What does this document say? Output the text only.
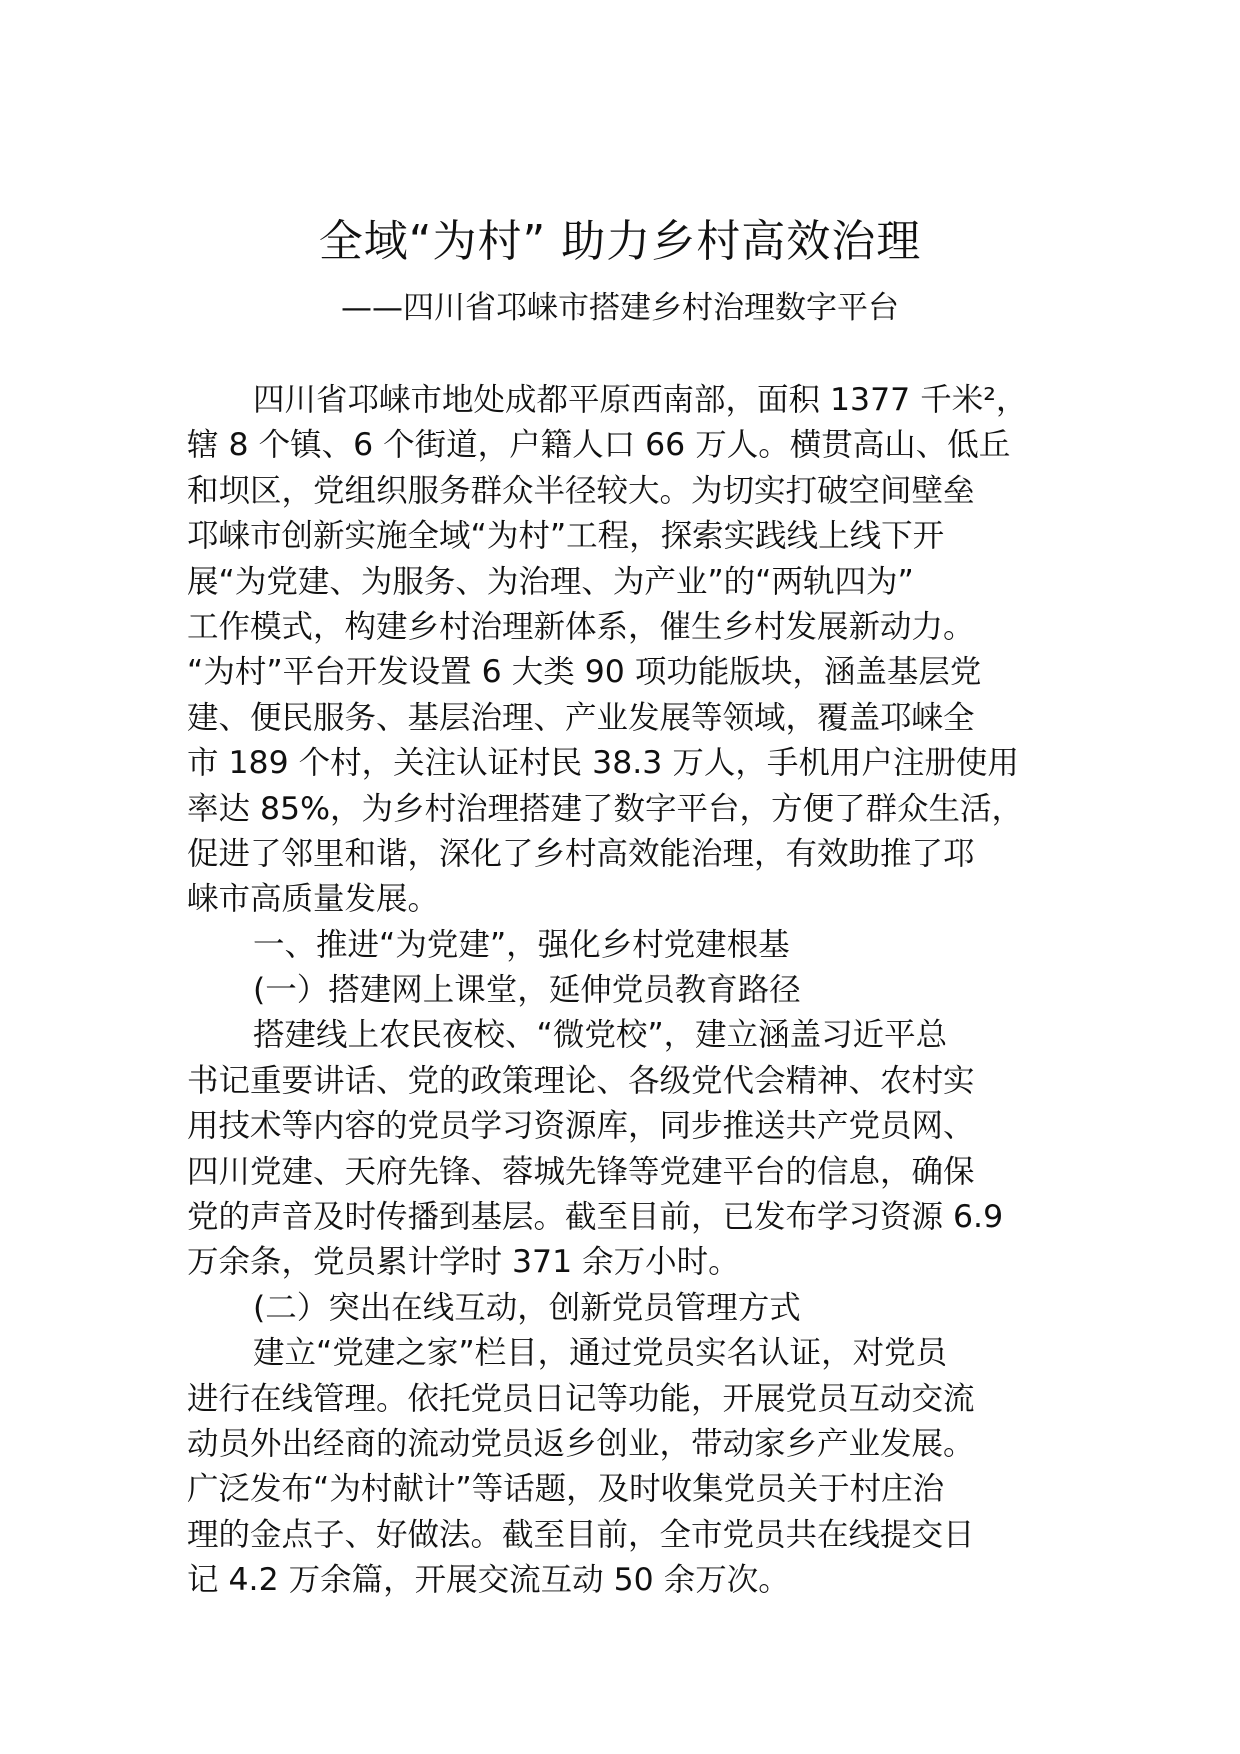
全域“为村” 助力乡村高效治理
——四川省邛崃市搭建乡村治理数字平台
四川省邛崃市地处成都平原西南部，面积 1377 千米²，
辖 8 个镇、6 个街道，户籍人口 66 万人。横贯高山、低丘
和坝区，党组织服务群众半径较大。为切实打破空间壁垒
邛崃市创新实施全域“为村”工程，探索实践线上线下开
展“为党建、为服务、为治理、为产业”的“两轨四为”
工作模式，构建乡村治理新体系，催生乡村发展新动力。
“为村”平台开发设置 6 大类 90 项功能版块，涵盖基层党
建、便民服务、基层治理、产业发展等领域，覆盖邛崃全
市 189 个村，关注认证村民 38.3 万人，手机用户注册使用
率达 85%，为乡村治理搭建了数字平台，方便了群众生活，
促进了邻里和谐，深化了乡村高效能治理，有效助推了邛
崃市高质量发展。
一、推进“为党建”，强化乡村党建根基
(一）搭建网上课堂，延伸党员教育路径
搭建线上农民夜校、“微党校”，建立涵盖习近平总
书记重要讲话、党的政策理论、各级党代会精神、农村实
用技术等内容的党员学习资源库，同步推送共产党员网、
四川党建、天府先锋、蓉城先锋等党建平台的信息，确保
党的声音及时传播到基层。截至目前，已发布学习资源 6.9
万余条，党员累计学时 371 余万小时。
(二）突出在线互动，创新党员管理方式
建立“党建之家”栏目，通过党员实名认证，对党员
进行在线管理。依托党员日记等功能，开展党员互动交流
动员外出经商的流动党员返乡创业，带动家乡产业发展。
广泛发布“为村献计”等话题，及时收集党员关于村庄治
理的金点子、好做法。截至目前，全市党员共在线提交日
记 4.2 万余篇，开展交流互动 50 余万次。
